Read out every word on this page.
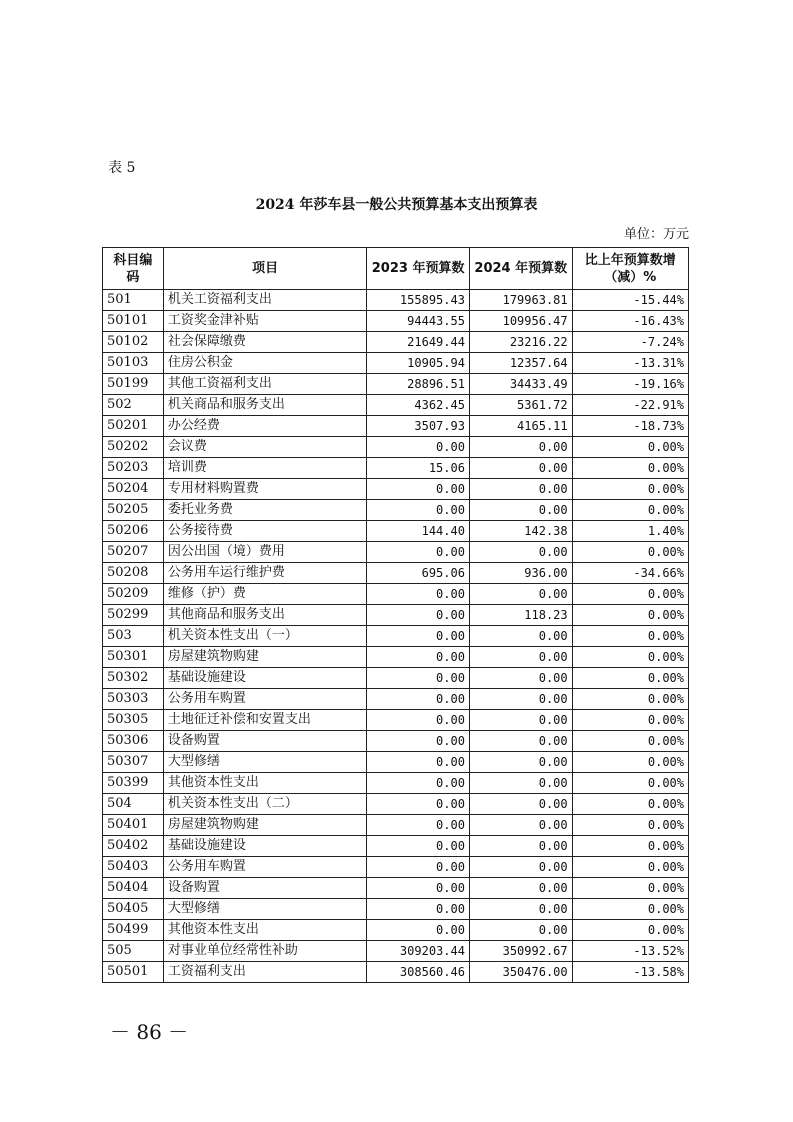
表 5
2024 年莎车县一般公共预算基本支出预算表
单位：万元
科目编码	项目	2023 年预算数	2024 年预算数	比上年预算数增（减）%
501	机关工资福利支出	155895.43	179963.81	-15.44%
50101	工资奖金津补贴	94443.55	109956.47	-16.43%
50102	社会保障缴费	21649.44	23216.22	-7.24%
50103	住房公积金	10905.94	12357.64	-13.31%
50199	其他工资福利支出	28896.51	34433.49	-19.16%
502	机关商品和服务支出	4362.45	5361.72	-22.91%
50201	办公经费	3507.93	4165.11	-18.73%
50202	会议费	0.00	0.00	0.00%
50203	培训费	15.06	0.00	0.00%
50204	专用材料购置费	0.00	0.00	0.00%
50205	委托业务费	0.00	0.00	0.00%
50206	公务接待费	144.40	142.38	1.40%
50207	因公出国（境）费用	0.00	0.00	0.00%
50208	公务用车运行维护费	695.06	936.00	-34.66%
50209	维修（护）费	0.00	0.00	0.00%
50299	其他商品和服务支出	0.00	118.23	0.00%
503	机关资本性支出（一）	0.00	0.00	0.00%
50301	房屋建筑物购建	0.00	0.00	0.00%
50302	基础设施建设	0.00	0.00	0.00%
50303	公务用车购置	0.00	0.00	0.00%
50305	土地征迁补偿和安置支出	0.00	0.00	0.00%
50306	设备购置	0.00	0.00	0.00%
50307	大型修缮	0.00	0.00	0.00%
50399	其他资本性支出	0.00	0.00	0.00%
504	机关资本性支出（二）	0.00	0.00	0.00%
50401	房屋建筑物购建	0.00	0.00	0.00%
50402	基础设施建设	0.00	0.00	0.00%
50403	公务用车购置	0.00	0.00	0.00%
50404	设备购置	0.00	0.00	0.00%
50405	大型修缮	0.00	0.00	0.00%
50499	其他资本性支出	0.00	0.00	0.00%
505	对事业单位经常性补助	309203.44	350992.67	-13.52%
50501	工资福利支出	308560.46	350476.00	-13.58%
－ 86 －
